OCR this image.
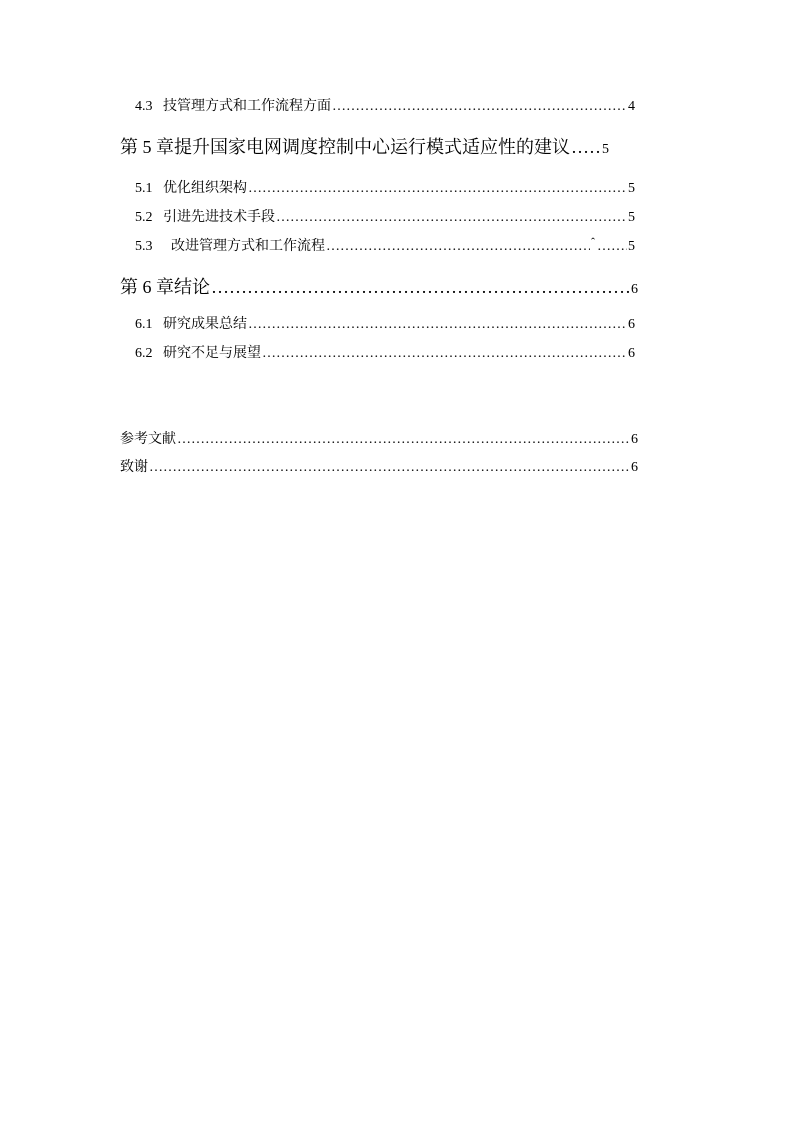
4.3 技管理方式和工作流程方面 ……………………………………………………………………………………………………………………………………………………………………………………	4
第 5 章提升国家电网调度控制中心运行模式适应性的建议 …………………………………………………………………………………………………………………………………………………………………………………… 5
5.1 优化组织架构 ……………………………………………………………………………………………………………………………………………………………………………………	5
5.2 引进先进技术手段 ……………………………………………………………………………………………………………………………………………………………………………………	5
5.3	改进管理方式和工作流程 ……………………………………………………………………………………………………………………………………………………………………………………	ˆ …………………………………………………………………………………………………………………………………………………………………………………… 5
第 6 章结论 ……………………………………………………………………………………………………………………………………………………………………………………	6
6.1 研究成果总结 ……………………………………………………………………………………………………………………………………………………………………………………	6
6.2 研究不足与展望 ……………………………………………………………………………………………………………………………………………………………………………………	6
参考文献 ……………………………………………………………………………………………………………………………………………………………………………………	6
致谢 ……………………………………………………………………………………………………………………………………………………………………………………	6
